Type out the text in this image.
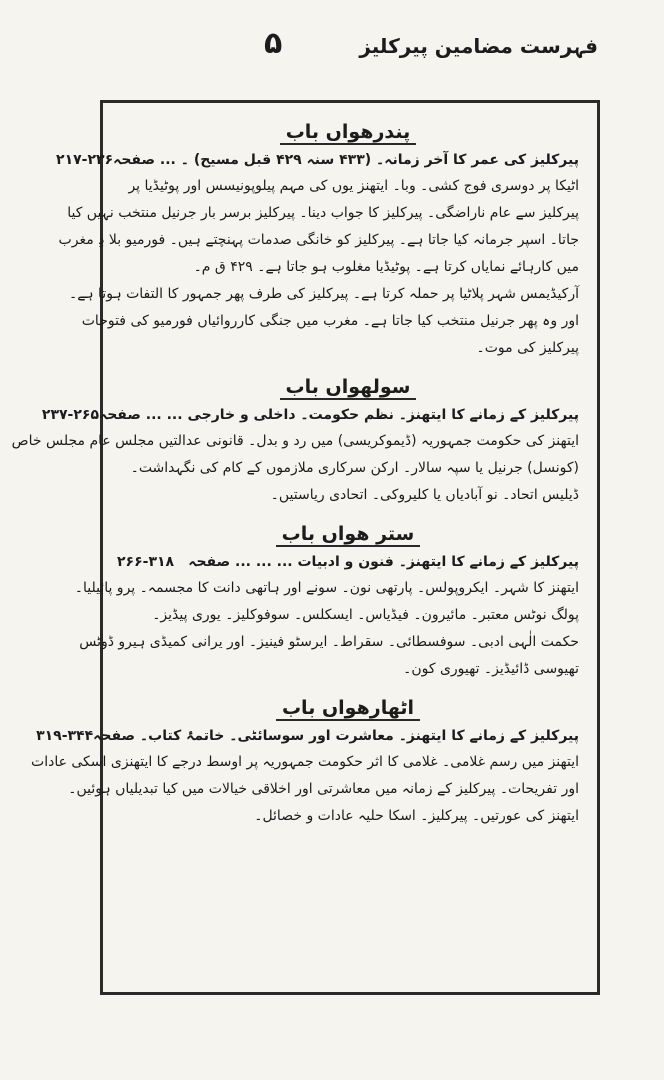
فہرست مضامین پیرکلیز
۵
پندرھواں باب
پیرکلیز کی عمر کا آخر زمانہ۔ (۴۳۳ سنہ ۴۲۹ قبل مسیح) ۔ ... صفحہ
۲۱۷-۲۳۶
اٹیکا پر دوسری فوج کشی۔ وبا۔ ایتھنز یوں کی مہم پیلوپونیسس اور پوٹیڈیا پر
پیرکلیز سے عام ناراضگی۔ پیرکلیز کا جواب دینا۔ پیرکلیز برسر بار جرنیل منتخب نہیں کیا
جاتا۔ اسپر جرمانہ کیا جاتا ہے۔ پیرکلیز کو خانگی صدمات پہنچتے ہیں۔ فورمیو بلا دِ مغرب
میں کارہائے نمایاں کرتا ہے۔ پوٹیڈیا مغلوب ہو جاتا ہے۔ ۴۲۹ ق م۔
آرکیڈیمس شہر پلاٹیا پر حملہ کرتا ہے۔ پیرکلیز کی طرف پھر جمہور کا التفات ہوتا ہے۔
اور وہ پھر جرنیل منتخب کیا جاتا ہے۔ مغرب میں جنگی کارروائیاں فورمیو کی فتوحات
پیرکلیز کی موت۔
سولھواں باب
پیرکلیز کے زمانے کا ایتھنز۔ نظم حکومت۔ داخلی و خارجی ... ... صفحہ
۲۳۷-۲۶۵
ایتھنز کی حکومت جمہوریہ (ڈیموکریسی) میں رد و بدل۔ قانونی عدالتیں مجلس عام مجلس خاص
(کونسل) جرنیل یا سپہ سالار۔ ارکن سرکاری ملازموں کے کام کی نگہداشت۔
ڈیلیس اتحاد۔ نو آبادیاں یا کلیروکی۔ اتحادی ریاستیں۔
ستر ھواں باب
پیرکلیز کے زمانے کا ایتھنز۔ فنون و ادبیات ... ... ... صفحہ
۲۶۶-۳۱۸
ایتھنز کا شہر۔ ایکروپولس۔ پارتھی نون۔ سونے اور ہاتھی دانت کا مجسمہ۔ پرو پائیلیا۔
پولگ نوٹس معتبر۔ مائیرون۔ فیڈیاس۔ ایسکلس۔ سوفوکلیز۔ یوری پیڈیز۔
حکمت الٰہی ادبی۔ سوفسطائی۔ سقراط۔ ایرسٹو فینیز۔ اور یرانی کمیڈی ہیرو ڈوٹس
تھیوسی ڈائیڈیز۔ تھیوری کون۔
اٹھارھواں باب
پیرکلیز کے زمانے کا ایتھنز۔ معاشرت اور سوسائٹی۔ خاتمۂ کتاب۔ صفحہ
۳۱۹-۳۴۴
ایتھنز میں رسم غلامی۔ غلامی کا اثر حکومت جمہوریہ پر اوسط درجے کا ایتھنزی اسکی عادات
اور تفریحات۔ پیرکلیز کے زمانہ میں معاشرتی اور اخلاقی خیالات میں کیا تبدیلیاں ہوئیں۔
ایتھنز کی عورتیں۔ پیرکلیز۔ اسکا حلیہ عادات و خصائل۔
